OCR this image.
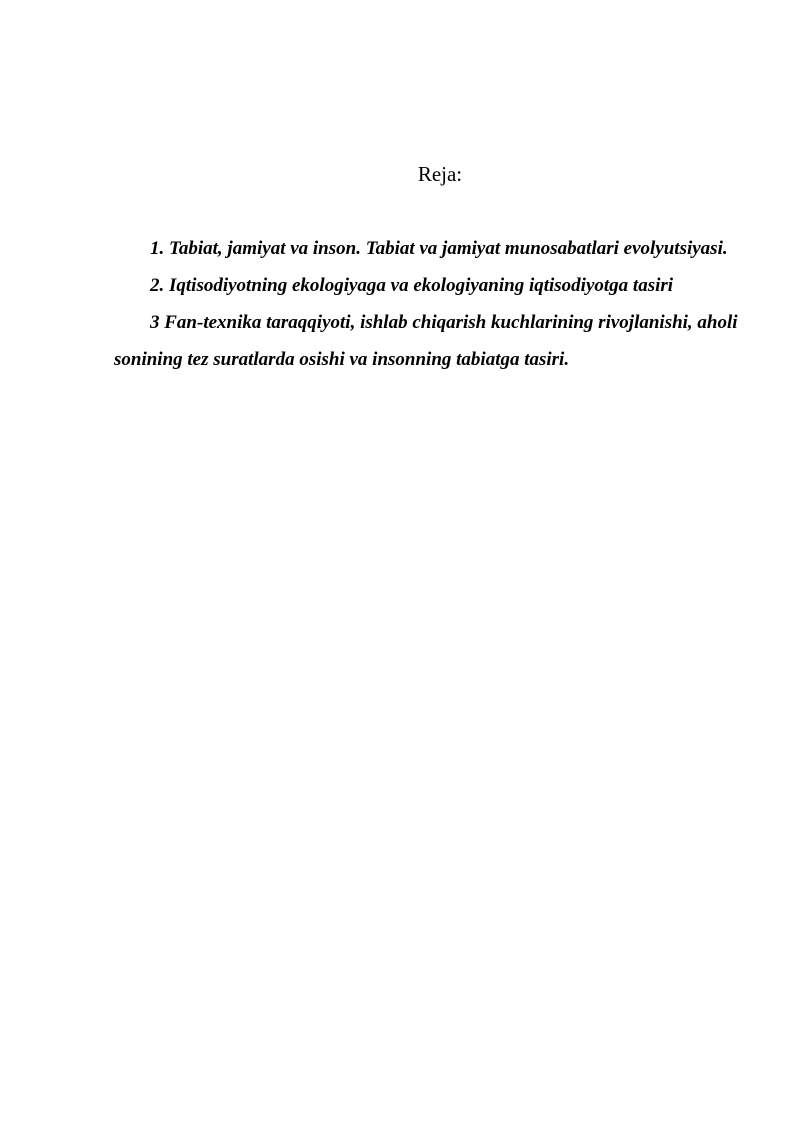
Reja:

1. Tabiat, jamiyat va inson. Tabiat va jamiyat munosabatlari evolyutsiyasi.

2. Iqtisodiyotning ekologiyaga va ekologiyaning iqtisodiyotga tasiri

3 Fan-texnika taraqqiyoti, ishlab chiqarish kuchlarining rivojlanishi, aholi sonining tez suratlarda osishi va insonning tabiatga tasiri.
